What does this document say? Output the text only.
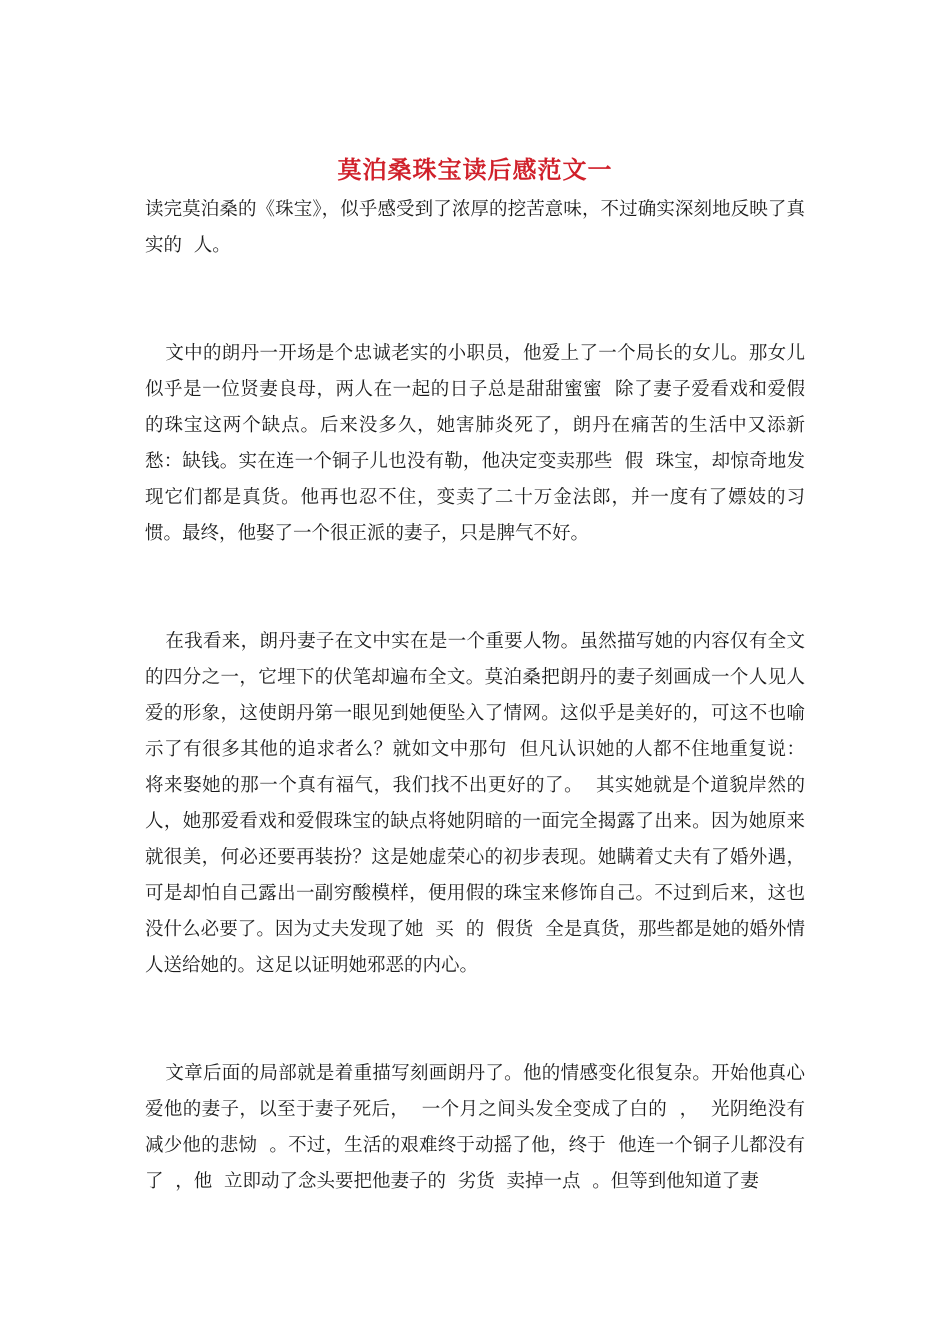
莫泊桑珠宝读后感范文一

读完莫泊桑的《珠宝》，似乎感受到了浓厚的挖苦意味，不过确实深刻地反映了真实的  人。

文中的朗丹一开场是个忠诚老实的小职员，他爱上了一个局长的女儿。那女儿似乎是一位贤妻良母，两人在一起的日子总是甜甜蜜蜜  除了妻子爱看戏和爱假  的珠宝这两个缺点。后来没多久，她害肺炎死了，朗丹在痛苦的生活中又添新愁：缺钱。实在连一个铜子儿也没有勒，他决定变卖那些  假  珠宝，却惊奇地发现它们都是真货。他再也忍不住，变卖了二十万金法郎，并一度有了嫖妓的习惯。最终，他娶了一个很正派的妻子，只是脾气不好。

在我看来，朗丹妻子在文中实在是一个重要人物。虽然描写她的内容仅有全文的四分之一，它埋下的伏笔却遍布全文。莫泊桑把朗丹的妻子刻画成一个人见人爱的形象，这使朗丹第一眼见到她便坠入了情网。这似乎是美好的，可这不也喻示了有很多其他的追求者么？就如文中那句  但凡认识她的人都不住地重复说：  将来娶她的那一个真有福气，我们找不出更好的了。  其实她就是个道貌岸然的人，她那爱看戏和爱假珠宝的缺点将她阴暗的一面完全揭露了出来。因为她原来就很美，何必还要再装扮？这是她虚荣心的初步表现。她瞒着丈夫有了婚外遇，可是却怕自己露出一副穷酸模样，便用假的珠宝来修饰自己。不过到后来，这也没什么必要了。因为丈夫发现了她  买  的  假货  全是真货，那些都是她的婚外情人送给她的。这足以证明她邪恶的内心。

文章后面的局部就是着重描写刻画朗丹了。他的情感变化很复杂。开始他真心爱他的妻子，以至于妻子死后，  一个月之间头发全变成了白的  ，  光阴绝没有减少他的悲恸  。不过，生活的艰难终于动摇了他，终于  他连一个铜子儿都没有了  ，他  立即动了念头要把他妻子的  劣货  卖掉一点  。但等到他知道了妻
